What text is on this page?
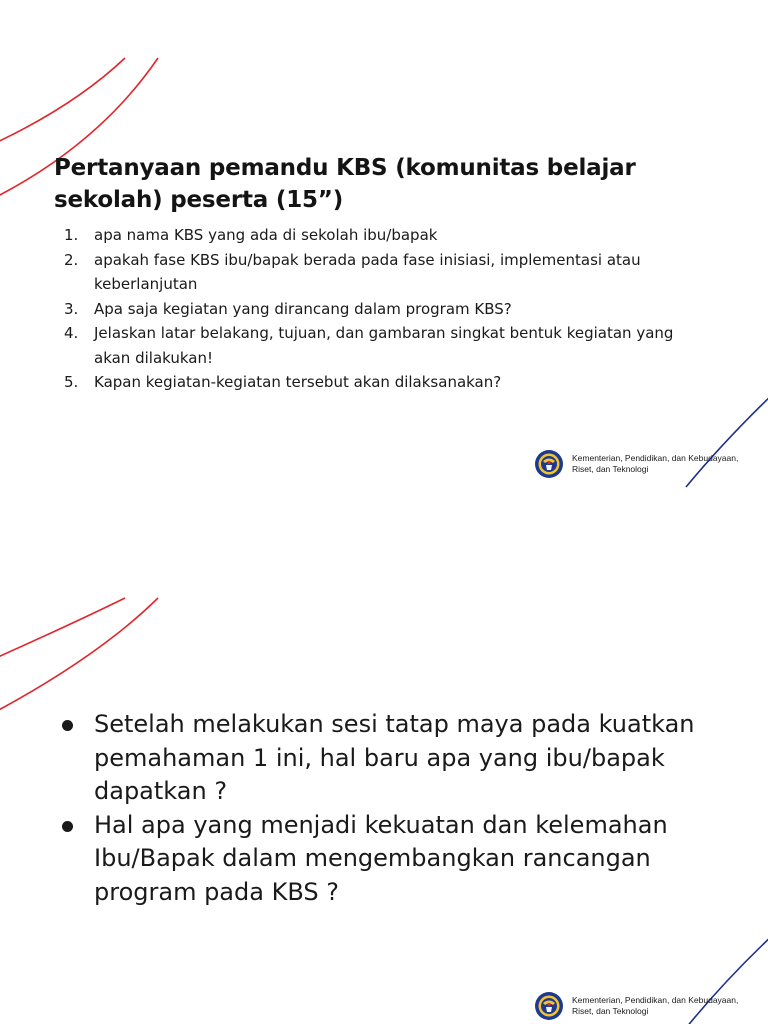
Pertanyaan pemandu KBS (komunitas belajar sekolah) peserta (15”)
1. apa nama KBS yang ada di sekolah ibu/bapak
2. apakah fase KBS ibu/bapak berada pada fase inisiasi, implementasi atau keberlanjutan
3. Apa saja kegiatan yang dirancang dalam program KBS?
4. Jelaskan latar belakang, tujuan, dan gambaran singkat bentuk kegiatan yang akan dilakukan!
5. Kapan kegiatan-kegiatan tersebut akan dilaksanakan?
Kementerian, Pendidikan, dan Kebudayaan,
Riset, dan Teknologi
Setelah melakukan sesi tatap maya pada kuatkan pemahaman 1 ini, hal baru apa yang ibu/bapak dapatkan ?
Hal apa yang menjadi kekuatan dan kelemahan Ibu/Bapak dalam mengembangkan rancangan program pada KBS ?
Kementerian, Pendidikan, dan Kebudayaan,
Riset, dan Teknologi
